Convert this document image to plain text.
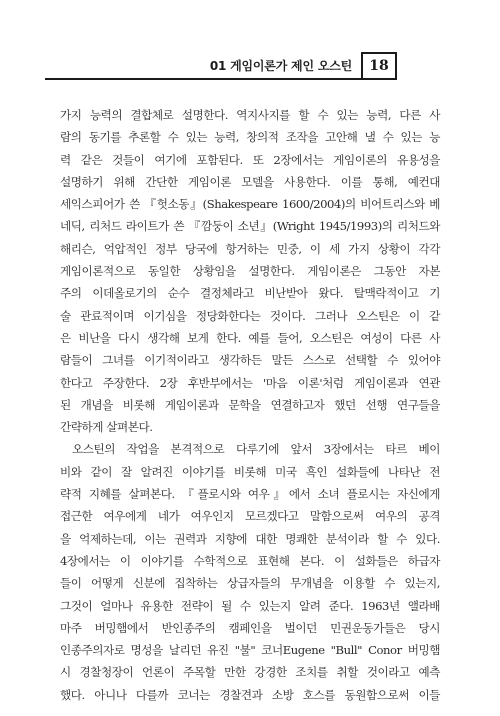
01 게임이론가 제인 오스틴 18
가지 능력의 결합체로 설명한다. 역지사지를 할 수 있는 능력, 다른 사
람의 동기를 추론할 수 있는 능력, 창의적 조작을 고안해 낼 수 있는 능
력 같은 것들이 여기에 포함된다. 또 2장에서는 게임이론의 유용성을
설명하기 위해 간단한 게임이론 모델을 사용한다. 이를 통해, 예컨대
세익스피어가 쓴 『헛소동』(Shakespeare 1600/2004)의 비어트리스와 베
네딕, 리처드 라이트가 쓴 『깜둥이 소년』(Wright 1945/1993)의 리처드와
해리슨, 억압적인 정부 당국에 항거하는 민중, 이 세 가지 상황이 각각
게임이론적으로 동일한 상황임을 설명한다. 게임이론은 그동안 자본
주의 이데올로기의 순수 결정체라고 비난받아 왔다. 탈맥락적이고 기
술 관료적이며 이기심을 정당화한다는 것이다. 그러나 오스틴은 이 같
은 비난을 다시 생각해 보게 한다. 예를 들어, 오스틴은 여성이 다른 사
람들이 그녀를 이기적이라고 생각하든 말든 스스로 선택할 수 있어야
한다고 주장한다. 2장 후반부에서는 '마음 이론'처럼 게임이론과 연관
된 개념을 비롯해 게임이론과 문학을 연결하고자 했던 선행 연구들을
간략하게 살펴본다.
오스틴의 작업을 본격적으로 다루기에 앞서 3장에서는 타르 베이
비와 같이 잘 알려진 이야기를 비롯해 미국 흑인 설화들에 나타난 전
략적 지혜를 살펴본다. 『플로시와 여우』에서 소녀 플로시는 자신에게
접근한 여우에게 네가 여우인지 모르겠다고 말함으로써 여우의 공격
을 억제하는데, 이는 권력과 지향에 대한 명쾌한 분석이라 할 수 있다.
4장에서는 이 이야기를 수학적으로 표현해 본다. 이 설화들은 하급자
들이 어떻게 신분에 집착하는 상급자들의 무개념을 이용할 수 있는지,
그것이 얼마나 유용한 전략이 될 수 있는지 알려 준다. 1963년 앨라배
마주 버밍햄에서 반인종주의 캠페인을 벌이던 민권운동가들은 당시
인종주의자로 명성을 날리던 유진 "불" 코너Eugene "Bull" Conor 버밍햄
시 경찰청장이 언론이 주목할 만한 강경한 조치를 취할 것이라고 예측
했다. 아니나 다를까 코너는 경찰견과 소방 호스를 동원함으로써 이들
